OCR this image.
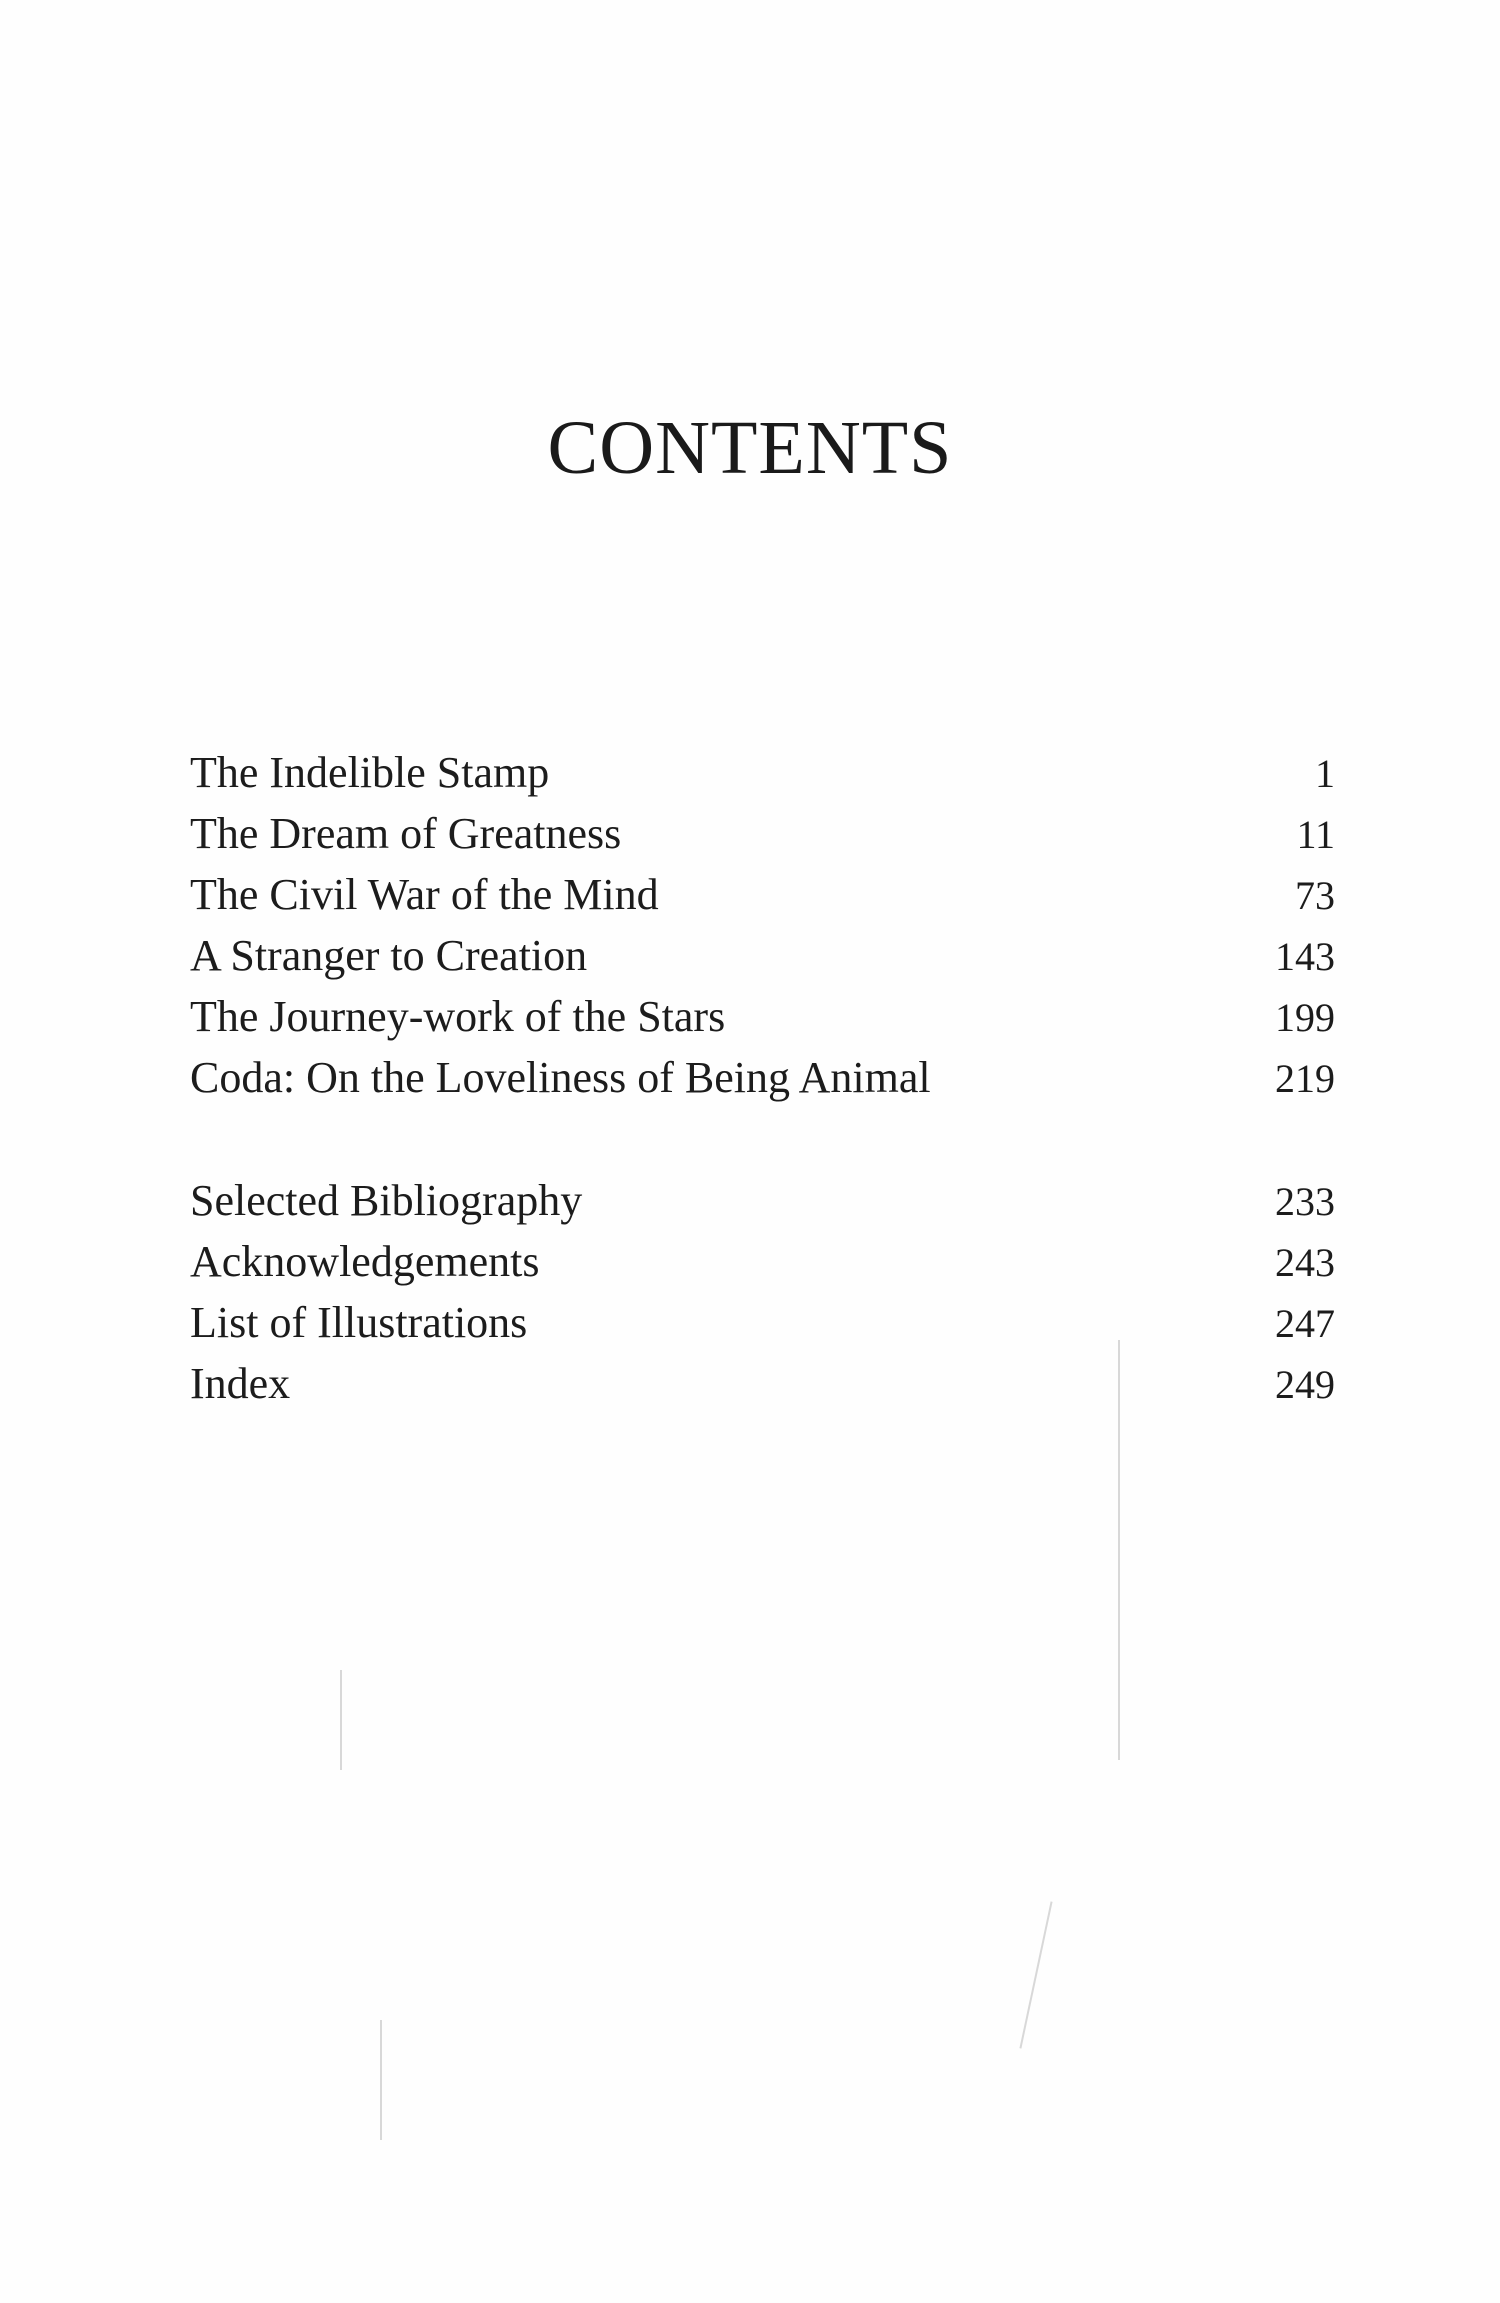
CONTENTS
The Indelible Stamp	1
The Dream of Greatness	11
The Civil War of the Mind	73
A Stranger to Creation	143
The Journey-work of the Stars	199
Coda: On the Loveliness of Being Animal	219
Selected Bibliography	233
Acknowledgements	243
List of Illustrations	247
Index	249
